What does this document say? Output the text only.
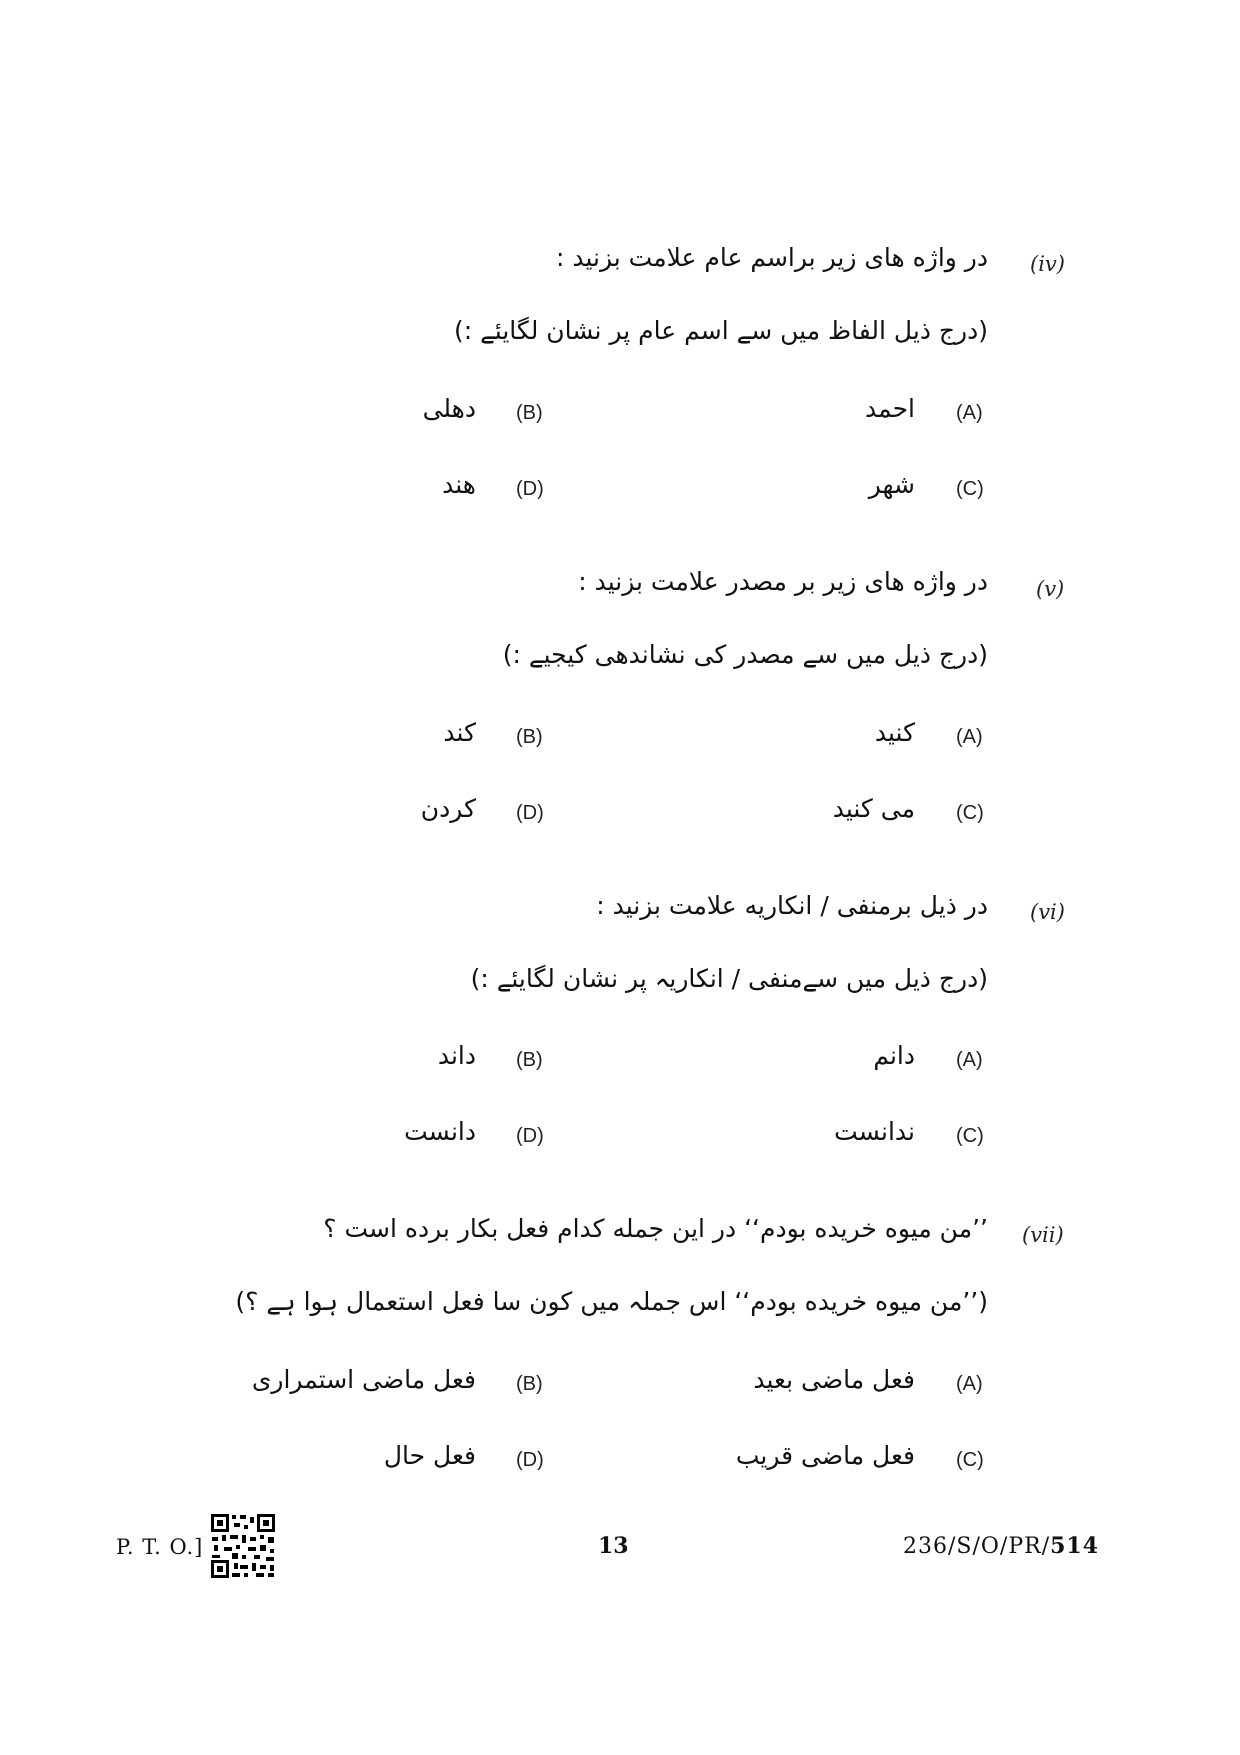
(iv)
در واژه های زیر براسم عام علامت بزنید :
(درج ذیل الفاظ میں سے اسم عام پر نشان لگایئے :)
(A)
احمد
(B)
دهلی
(C)
شهر
(D)
هند
(v)
در واژه های زیر بر مصدر علامت بزنید :
(درج ذیل میں سے مصدر کی نشاندهی کیجیے :)
(A)
کنید
(B)
کند
(C)
می کنید
(D)
کردن
(vi)
در ذیل برمنفی / انکاریه علامت بزنید :
(درج ذیل میں سےمنفی / انکاریہ پر نشان لگایئے :)
(A)
دانم
(B)
داند
(C)
ندانست
(D)
دانست
(vii)
’’من میوه خریده بودم‘‘ در این جمله کدام فعل بکار برده است ؟
(’’من میوه خریده بودم‘‘ اس جملہ میں کون سا فعل استعمال ہوا ہے ؟)
(A)
فعل ماضی بعید
(B)
فعل ماضی استمراری
(C)
فعل ماضی قریب
(D)
فعل حال
P. T. O.]	13	236/S/O/PR/514
